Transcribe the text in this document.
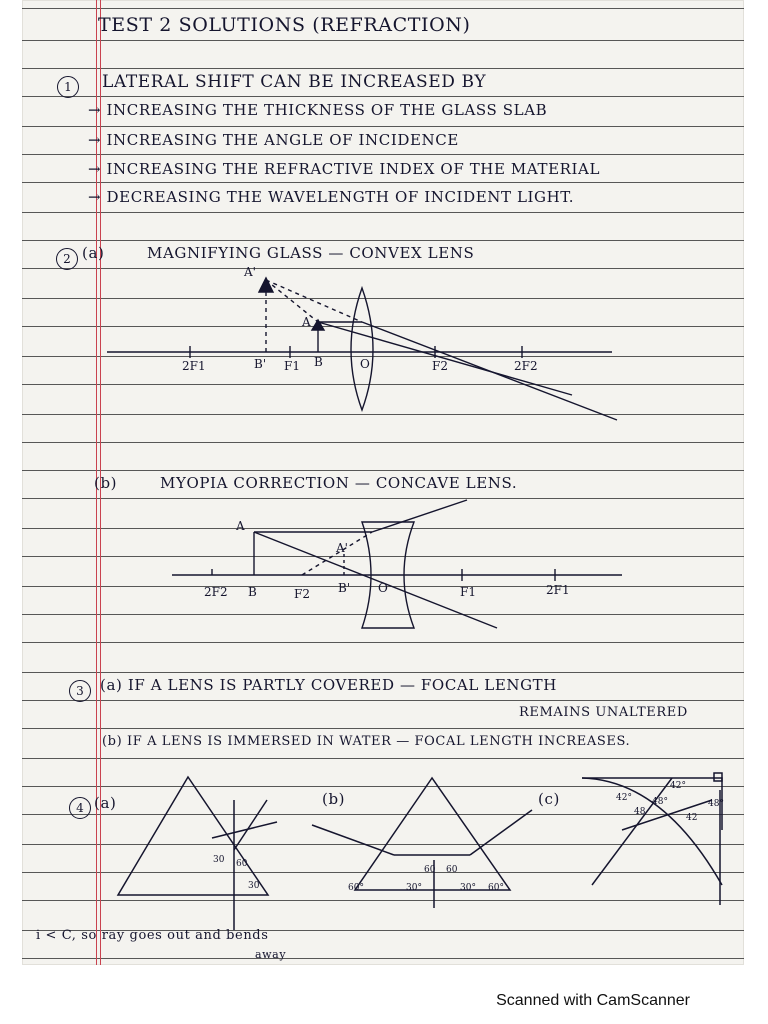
TEST 2 SOLUTIONS (REFRACTION)
1	LATERAL SHIFT CAN BE INCREASED BY
→ INCREASING THE THICKNESS OF THE GLASS SLAB
→ INCREASING THE ANGLE OF INCIDENCE
→ INCREASING THE REFRACTIVE INDEX OF THE MATERIAL
→ DECREASING THE WAVELENGTH OF INCIDENT LIGHT.
2 (a)	MAGNIFYING GLASS — CONVEX LENS
A'
A
2F1	B' F1 B	O	F2	2F2
(b)	MYOPIA CORRECTION — CONCAVE LENS.
A
A'
2F2 B	F2 B' O	F1	2F1
3	(a) IF A LENS IS PARTLY COVERED — FOCAL LENGTH
REMAINS UNALTERED
(b) IF A LENS IS IMMERSED IN WATER — FOCAL LENGTH INCREASES.
4 (a)	(b)	(c)
30 60
30
60 60
60°	30°	30° 60°
42°
48
42°
48°	48°
42
i < C, so ray goes out and bends
away
Scanned with CamScanner
